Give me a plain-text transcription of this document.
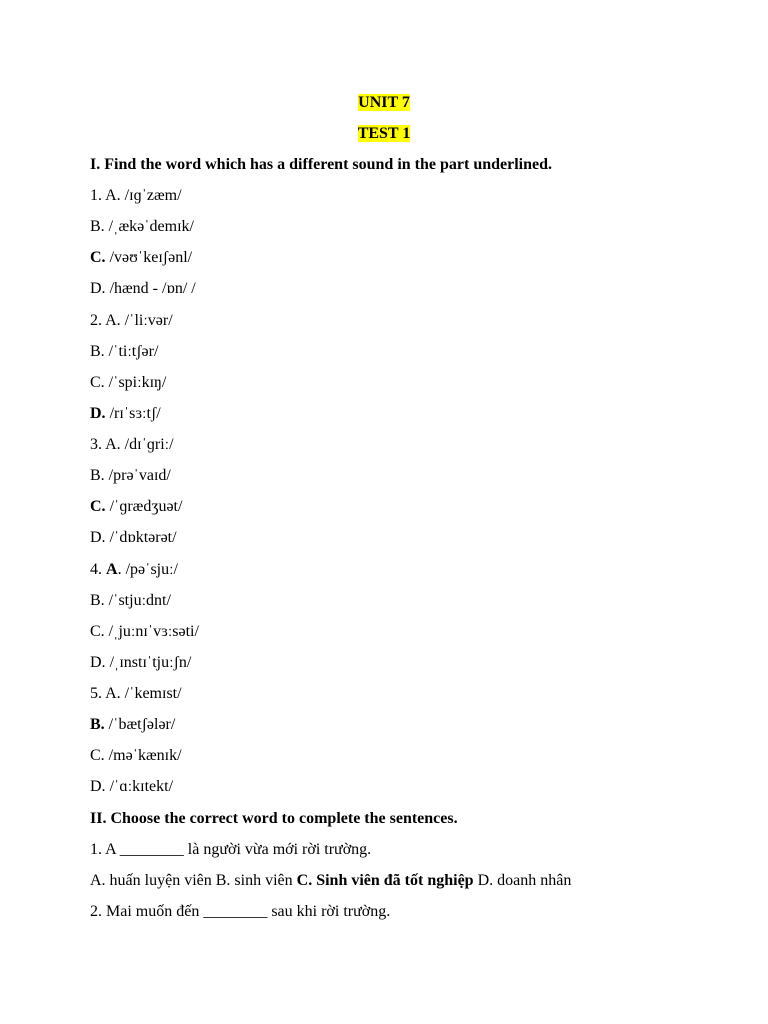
UNIT 7
TEST 1
I. Find the word which has a different sound in the part underlined.
1. A. /ɪɡˈzæm/
B. /ˌækəˈdemɪk/
C. /vəʊˈkeɪʃənl/
D. /hænd - /ɒn/ /
2. A. /ˈliːvər/
B. /ˈtiːtʃər/
C. /ˈspiːkɪŋ/
D. /rɪˈsɜːtʃ/
3. A. /dɪˈɡriː/
B. /prəˈvaɪd/
C. /ˈɡrædʒuət/
D. /ˈdɒktərət/
4. A. /pəˈsjuː/
B. /ˈstjuːdnt/
C. /ˌjuːnɪˈvɜːsəti/
D. /ˌɪnstɪˈtjuːʃn/
5. A. /ˈkemɪst/
B. /ˈbætʃələr/
C. /məˈkænɪk/
D. /ˈɑːkɪtekt/
II. Choose the correct word to complete the sentences.
1. A ________ là người vừa mới rời trường.
A. huấn luyện viên B. sinh viên C. Sinh viên đã tốt nghiệp D. doanh nhân
2. Mai muốn đến ________ sau khi rời trường.
